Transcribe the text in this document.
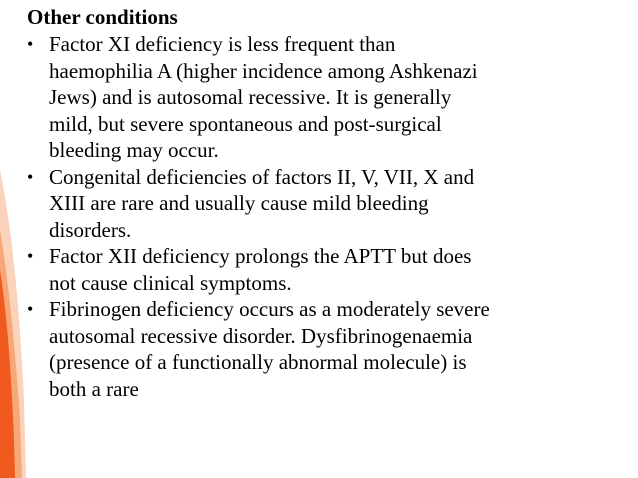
Other conditions

• Factor XI deficiency is less frequent than
haemophilia A (higher incidence among Ashkenazi
Jews) and is autosomal recessive. It is generally
mild, but severe spontaneous and post-surgical
bleeding may occur.
• Congenital deficiencies of factors II, V, VII, X and
XIII are rare and usually cause mild bleeding
disorders.
• Factor XII deficiency prolongs the APTT but does
not cause clinical symptoms.
• Fibrinogen deficiency occurs as a moderately severe
autosomal recessive disorder. Dysfibrinogenaemia
(presence of a functionally abnormal molecule) is
both a rare
